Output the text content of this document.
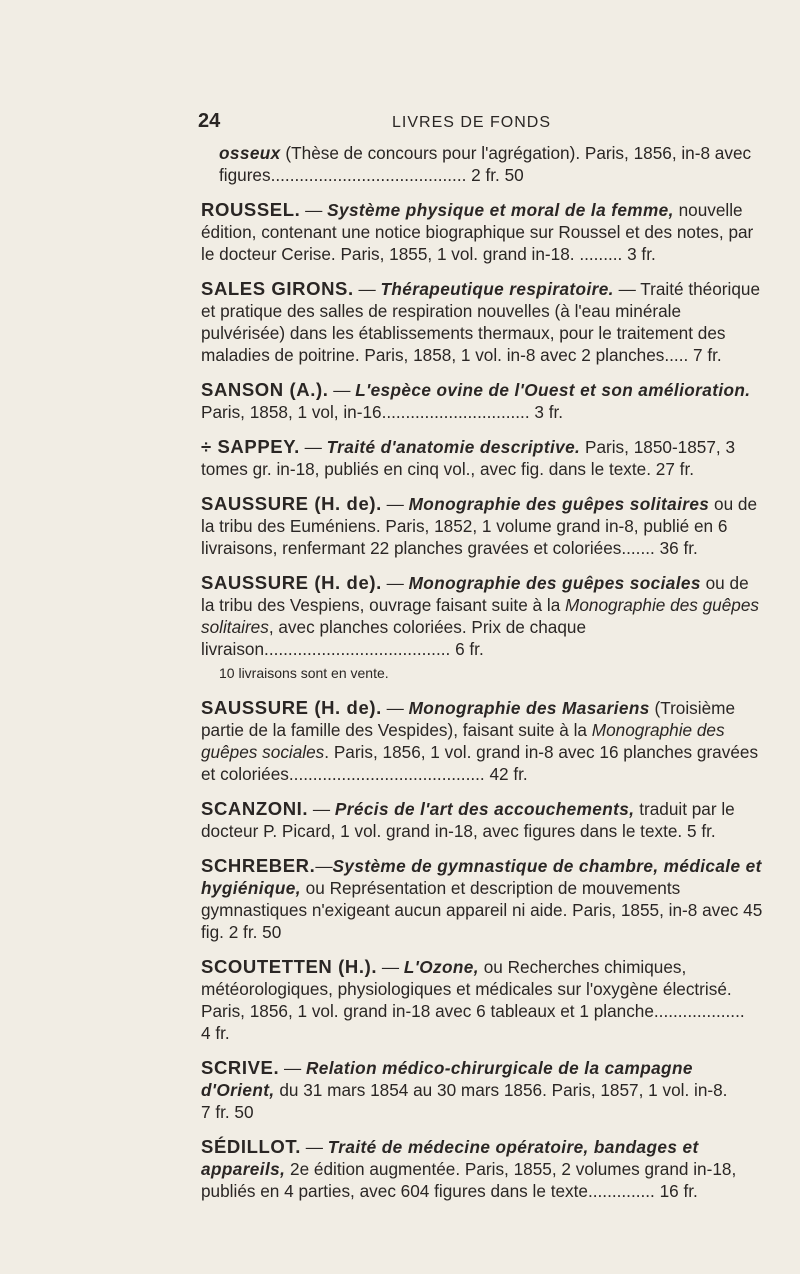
24	LIVRES DE FONDS
osseux (Thèse de concours pour l'agrégation). Paris, 1856, in-8 avec figures......................................... 2 fr. 50
ROUSSEL. — Système physique et moral de la femme, nouvelle édition, contenant une notice biographique sur Roussel et des notes, par le docteur Cerise. Paris, 1855, 1 vol. grand in-18. ......... 3 fr.
SALES GIRONS. — Thérapeutique respiratoire. — Traité théorique et pratique des salles de respiration nouvelles (à l'eau minérale pulvérisée) dans les établissements thermaux, pour le traitement des maladies de poitrine. Paris, 1858, 1 vol. in-8 avec 2 planches..... 7 fr.
SANSON (A.). — L'espèce ovine de l'Ouest et son amélioration. Paris, 1858, 1 vol, in-16............................... 3 fr.
÷ SAPPEY. — Traité d'anatomie descriptive. Paris, 1850-1857, 3 tomes gr. in-18, publiés en cinq vol., avec fig. dans le texte. 27 fr.
SAUSSURE (H. de). — Monographie des guêpes solitaires ou de la tribu des Euméniens. Paris, 1852, 1 volume grand in-8, publié en 6 livraisons, renfermant 22 planches gravées et coloriées....... 36 fr.
SAUSSURE (H. de). — Monographie des guêpes sociales ou de la tribu des Vespiens, ouvrage faisant suite à la Monographie des guêpes solitaires, avec planches coloriées. Prix de chaque livraison....................................... 6 fr.
10 livraisons sont en vente.
SAUSSURE (H. de). — Monographie des Masariens (Troisième partie de la famille des Vespides), faisant suite à la Monographie des guêpes sociales. Paris, 1856, 1 vol. grand in-8 avec 16 planches gravées et coloriées......................................... 42 fr.
SCANZONI. — Précis de l'art des accouchements, traduit par le docteur P. Picard, 1 vol. grand in-18, avec figures dans le texte. 5 fr.
SCHREBER.—Système de gymnastique de chambre, médicale et hygiénique, ou Représentation et description de mouvements gymnastiques n'exigeant aucun appareil ni aide. Paris, 1855, in-8 avec 45 fig. 2 fr. 50
SCOUTETTEN (H.). — L'Ozone, ou Recherches chimiques, météorologiques, physiologiques et médicales sur l'oxygène électrisé. Paris, 1856, 1 vol. grand in-18 avec 6 tableaux et 1 planche................... 4 fr.
SCRIVE. — Relation médico-chirurgicale de la campagne d'Orient, du 31 mars 1854 au 30 mars 1856. Paris, 1857, 1 vol. in-8. 7 fr. 50
SÉDILLOT. — Traité de médecine opératoire, bandages et appareils, 2e édition augmentée. Paris, 1855, 2 volumes grand in-18, publiés en 4 parties, avec 604 figures dans le texte.............. 16 fr.
